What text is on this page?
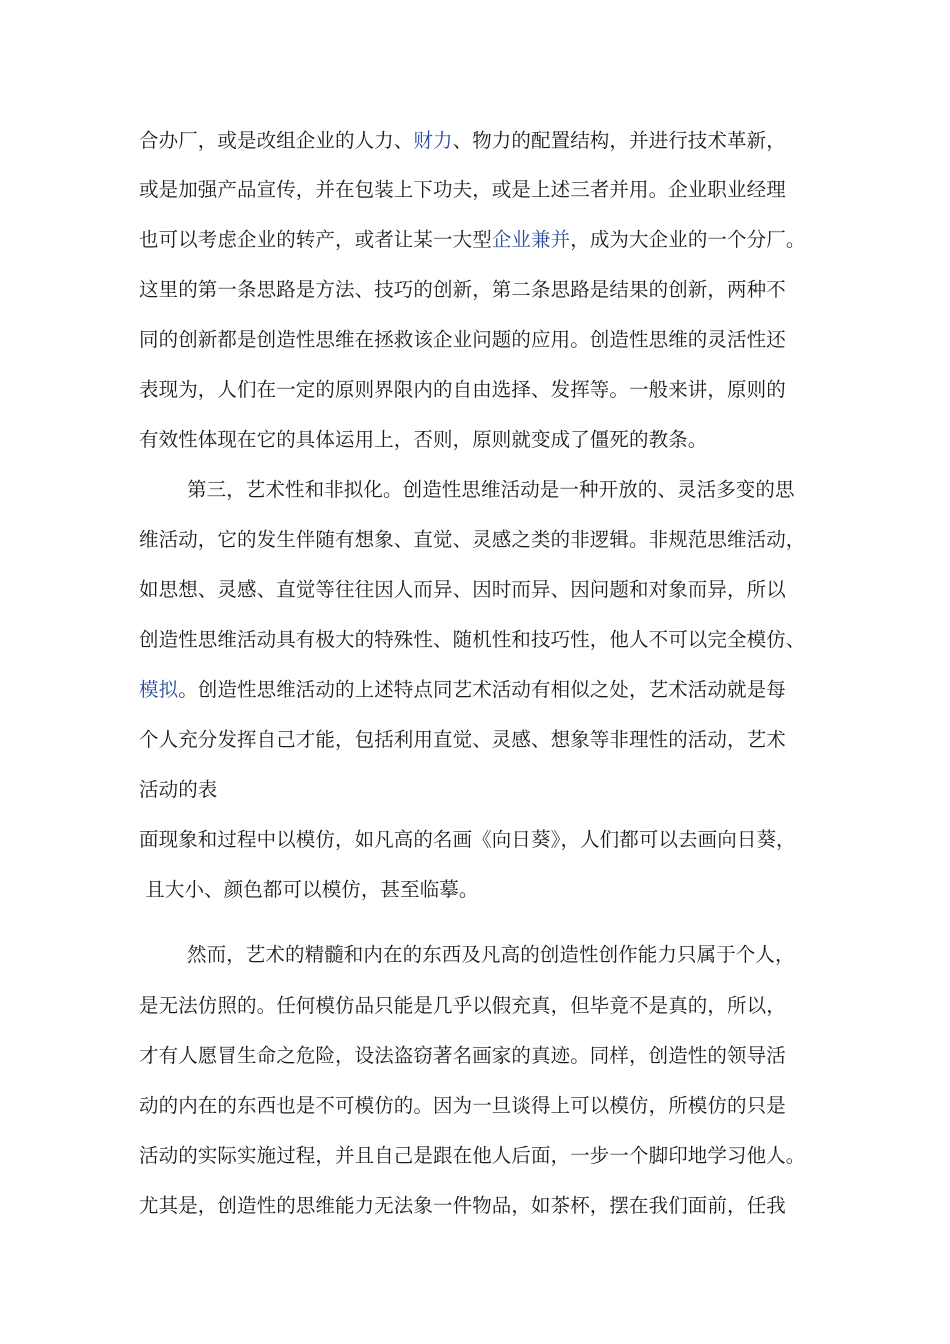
合办厂，或是改组企业的人力、财力、物力的配置结构，并进行技术革新，
或是加强产品宣传，并在包装上下功夫，或是上述三者并用。企业职业经理
也可以考虑企业的转产，或者让某一大型企业兼并，成为大企业的一个分厂。
这里的第一条思路是方法、技巧的创新，第二条思路是结果的创新，两种不
同的创新都是创造性思维在拯救该企业问题的应用。创造性思维的灵活性还
表现为，人们在一定的原则界限内的自由选择、发挥等。一般来讲，原则的
有效性体现在它的具体运用上，否则，原则就变成了僵死的教条。
第三，艺术性和非拟化。创造性思维活动是一种开放的、灵活多变的思
维活动，它的发生伴随有想象、直觉、灵感之类的非逻辑。非规范思维活动，
如思想、灵感、直觉等往往因人而异、因时而异、因问题和对象而异，所以
创造性思维活动具有极大的特殊性、随机性和技巧性，他人不可以完全模仿、
模拟。创造性思维活动的上述特点同艺术活动有相似之处，艺术活动就是每
个人充分发挥自己才能，包括利用直觉、灵感、想象等非理性的活动，艺术
活动的表
面现象和过程中以模仿，如凡高的名画《向日葵》，人们都可以去画向日葵，
且大小、颜色都可以模仿，甚至临摹。
然而，艺术的精髓和内在的东西及凡高的创造性创作能力只属于个人，
是无法仿照的。任何模仿品只能是几乎以假充真，但毕竟不是真的，所以，
才有人愿冒生命之危险，设法盗窃著名画家的真迹。同样，创造性的领导活
动的内在的东西也是不可模仿的。因为一旦谈得上可以模仿，所模仿的只是
活动的实际实施过程，并且自己是跟在他人后面，一步一个脚印地学习他人。
尤其是，创造性的思维能力无法象一件物品，如茶杯，摆在我们面前，任我
